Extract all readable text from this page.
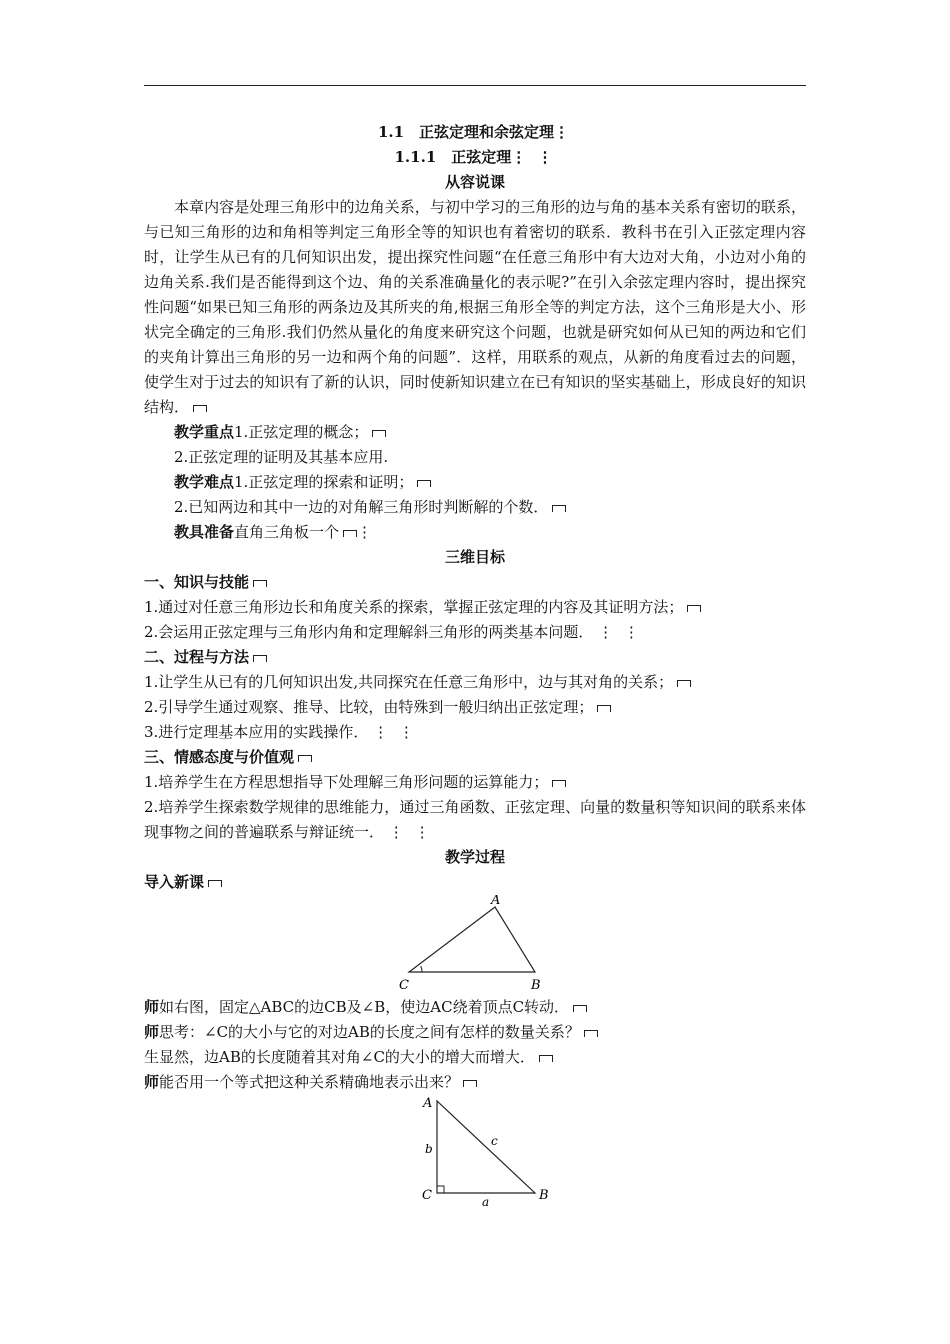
1.1　正弦定理和余弦定理⋮

1.1.1　正弦定理⋮ ⋮

从容说课

本章内容是处理三角形中的边角关系，与初中学习的三角形的边与角的基本关系有密切的联系，与已知三角形的边和角相等判定三角形全等的知识也有着密切的联系．教科书在引入正弦定理内容时，让学生从已有的几何知识出发，提出探究性问题“在任意三角形中有大边对大角，小边对小角的边角关系.我们是否能得到这个边、角的关系准确量化的表示呢?”在引入余弦定理内容时，提出探究性问题“如果已知三角形的两条边及其所夹的角,根据三角形全等的判定方法，这个三角形是大小、形状完全确定的三角形.我们仍然从量化的角度来研究这个问题，也就是研究如何从已知的两边和它们的夹角计算出三角形的另一边和两个角的问题”．这样，用联系的观点，从新的角度看过去的问题，使学生对于过去的知识有了新的认识，同时使新知识建立在已有知识的坚实基础上，形成良好的知识结构．

教学重点1.正弦定理的概念；

2.正弦定理的证明及其基本应用.

教学难点1.正弦定理的探索和证明；

2.已知两边和其中一边的对角解三角形时判断解的个数．

教具准备直角三角板一个 ⋮

三维目标

一、知识与技能

1.通过对任意三角形边长和角度关系的探索，掌握正弦定理的内容及其证明方法；

2.会运用正弦定理与三角形内角和定理解斜三角形的两类基本问题． ⋮ ⋮

二、过程与方法

1.让学生从已有的几何知识出发,共同探究在任意三角形中，边与其对角的关系；

2.引导学生通过观察、推导、比较，由特殊到一般归纳出正弦定理；

3.进行定理基本应用的实践操作． ⋮ ⋮

三、情感态度与价值观

1.培养学生在方程思想指导下处理解三角形问题的运算能力；

2.培养学生探索数学规律的思维能力，通过三角函数、正弦定理、向量的数量积等知识间的联系来体现事物之间的普遍联系与辩证统一． ⋮ ⋮

教学过程

导入新课

A
B
C

师如右图，固定△ABC的边CB及∠B，使边AC绕着顶点C转动．

师思考：∠C的大小与它的对边AB的长度之间有怎样的数量关系？

生显然，边AB的长度随着其对角∠C的大小的增大而增大．

师能否用一个等式把这种关系精确地表示出来？

A
B
C	a
b
c
